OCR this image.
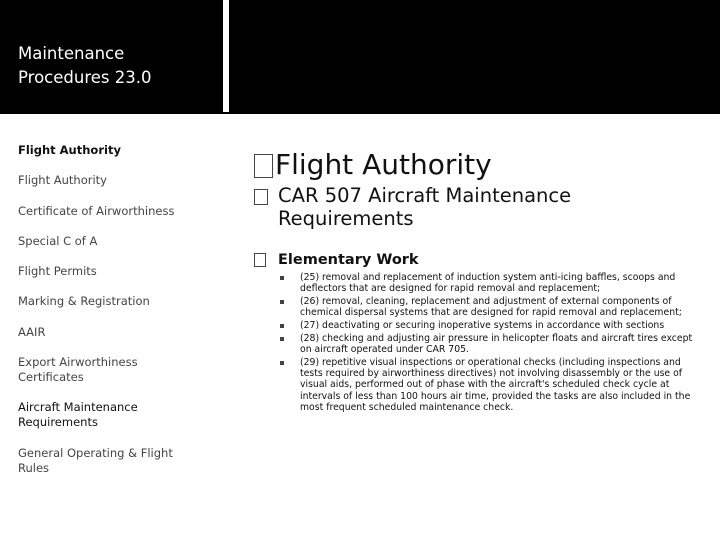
Maintenance
Procedures 23.0
Flight Authority
Flight Authority
Certificate of Airworthiness
Special C of A
Flight Permits
Marking & Registration
AAIR
Export Airworthiness
Certificates
Aircraft Maintenance
Requirements
General Operating & Flight
Rules
Flight Authority
CAR 507 Aircraft Maintenance Requirements
Elementary Work
(25) removal and replacement of induction system anti-icing baffles, scoops and deflectors that are designed for rapid removal and replacement;
(26) removal, cleaning, replacement and adjustment of external components of chemical dispersal systems that are designed for rapid removal and replacement;
(27) deactivating or securing inoperative systems in accordance with sections
(28) checking and adjusting air pressure in helicopter floats and aircraft tires except on aircraft operated under CAR 705.
(29) repetitive visual inspections or operational checks (including inspections and tests required by airworthiness directives) not involving disassembly or the use of visual aids, performed out of phase with the aircraft's scheduled check cycle at intervals of less than 100 hours air time, provided the tasks are also included in the most frequent scheduled maintenance check.
